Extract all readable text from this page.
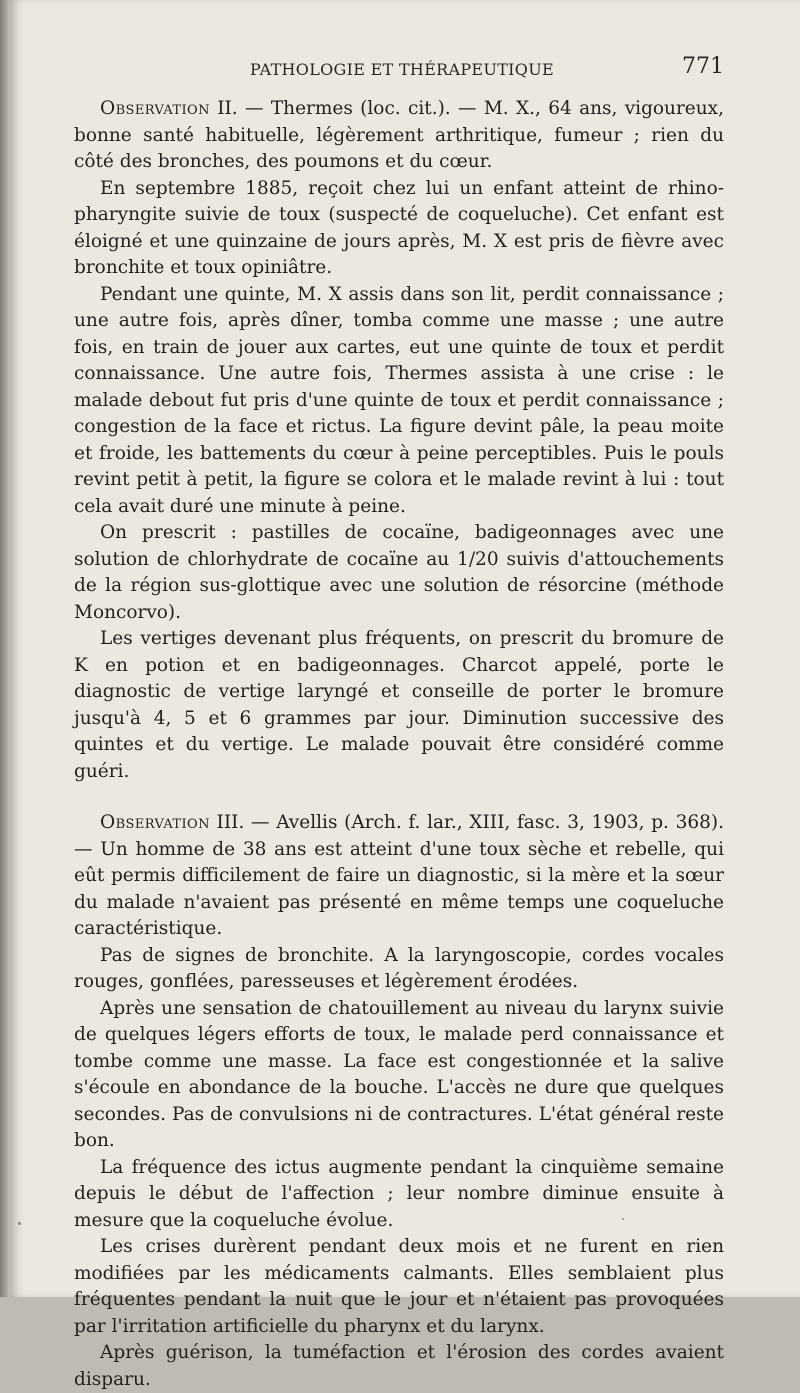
PATHOLOGIE ET THÉRAPEUTIQUE	771

Observation II. — Thermes (loc. cit.). — M. X., 64 ans, vigoureux, bonne santé habituelle, légèrement arthritique, fumeur ; rien du côté des bronches, des poumons et du cœur.

En septembre 1885, reçoit chez lui un enfant atteint de rhino-pharyngite suivie de toux (suspecté de coqueluche). Cet enfant est éloigné et une quinzaine de jours après, M. X est pris de fièvre avec bronchite et toux opiniâtre.

Pendant une quinte, M. X assis dans son lit, perdit connaissance ; une autre fois, après dîner, tomba comme une masse ; une autre fois, en train de jouer aux cartes, eut une quinte de toux et perdit connaissance. Une autre fois, Thermes assista à une crise : le malade debout fut pris d'une quinte de toux et perdit connaissance ; congestion de la face et rictus. La figure devint pâle, la peau moite et froide, les battements du cœur à peine perceptibles. Puis le pouls revint petit à petit, la figure se colora et le malade revint à lui : tout cela avait duré une minute à peine.

On prescrit : pastilles de cocaïne, badigeonnages avec une solution de chlorhydrate de cocaïne au 1/20 suivis d'attouchements de la région sus-glottique avec une solution de résorcine (méthode Moncorvo).

Les vertiges devenant plus fréquents, on prescrit du bromure de K en potion et en badigeonnages. Charcot appelé, porte le diagnostic de vertige laryngé et conseille de porter le bromure jusqu'à 4, 5 et 6 grammes par jour. Diminution successive des quintes et du vertige. Le malade pouvait être considéré comme guéri.

Observation III. — Avellis (Arch. f. lar., XIII, fasc. 3, 1903, p. 368). — Un homme de 38 ans est atteint d'une toux sèche et rebelle, qui eût permis difficilement de faire un diagnostic, si la mère et la sœur du malade n'avaient pas présenté en même temps une coqueluche caractéristique.

Pas de signes de bronchite. A la laryngoscopie, cordes vocales rouges, gonflées, paresseuses et légèrement érodées.

Après une sensation de chatouillement au niveau du larynx suivie de quelques légers efforts de toux, le malade perd connaissance et tombe comme une masse. La face est congestionnée et la salive s'écoule en abondance de la bouche. L'accès ne dure que quelques secondes. Pas de convulsions ni de contractures. L'état général reste bon.

La fréquence des ictus augmente pendant la cinquième semaine depuis le début de l'affection ; leur nombre diminue ensuite à mesure que la coqueluche évolue.

Les crises durèrent pendant deux mois et ne furent en rien modifiées par les médicaments calmants. Elles semblaient plus fréquentes pendant la nuit que le jour et n'étaient pas provoquées par l'irritation artificielle du pharynx et du larynx.

Après guérison, la tuméfaction et l'érosion des cordes avaient disparu.
